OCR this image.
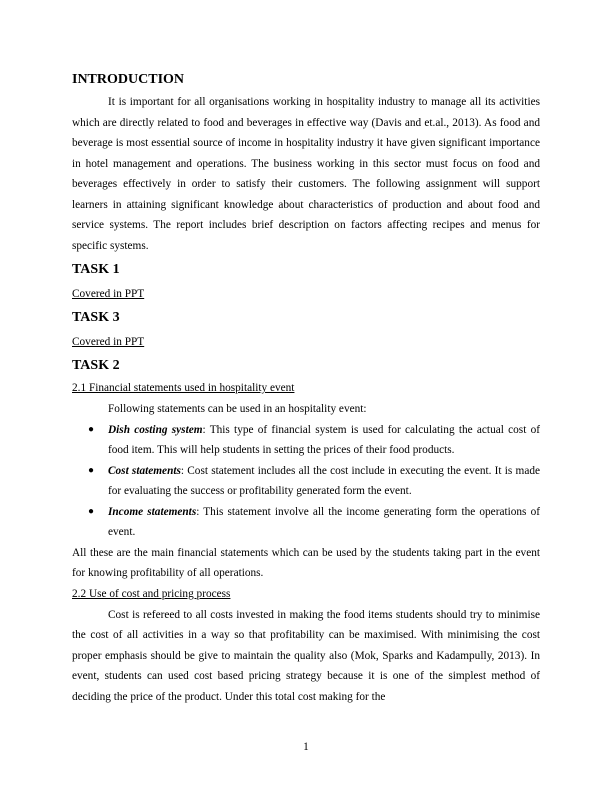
INTRODUCTION

It is important for all organisations working in hospitality industry to manage all its activities which are directly related to food and beverages in effective way (Davis and et.al., 2013). As food and beverage is most essential source of income in hospitality industry it have given significant importance in hotel management and operations. The business working in this sector must focus on food and beverages effectively in order to satisfy their customers. The following assignment will support learners in attaining significant knowledge about characteristics of production and about food and service systems. The report includes brief description on factors affecting recipes and menus for specific systems.

TASK 1

Covered in PPT

TASK 3

Covered in PPT

TASK 2

2.1 Financial statements used in hospitality event

Following statements can be used in an hospitality event:

● Dish costing system: This type of financial system is used for calculating the actual cost of food item. This will help students in setting the prices of their food products.
● Cost statements: Cost statement includes all the cost include in executing the event. It is made for evaluating the success or profitability generated form the event.
● Income statements: This statement involve all the income generating form the operations of event.

All these are the main financial statements which can be used by the students taking part in the event for knowing profitability of all operations.

2.2 Use of cost and pricing process

Cost is refereed to all costs invested in making the food items students should try to minimise the cost of all activities in a way so that profitability can be maximised. With minimising the cost proper emphasis should be give to maintain the quality also (Mok, Sparks and Kadampully, 2013). In event, students can used cost based pricing strategy because it is one of the simplest method of deciding the price of the product. Under this total cost making for the

1
